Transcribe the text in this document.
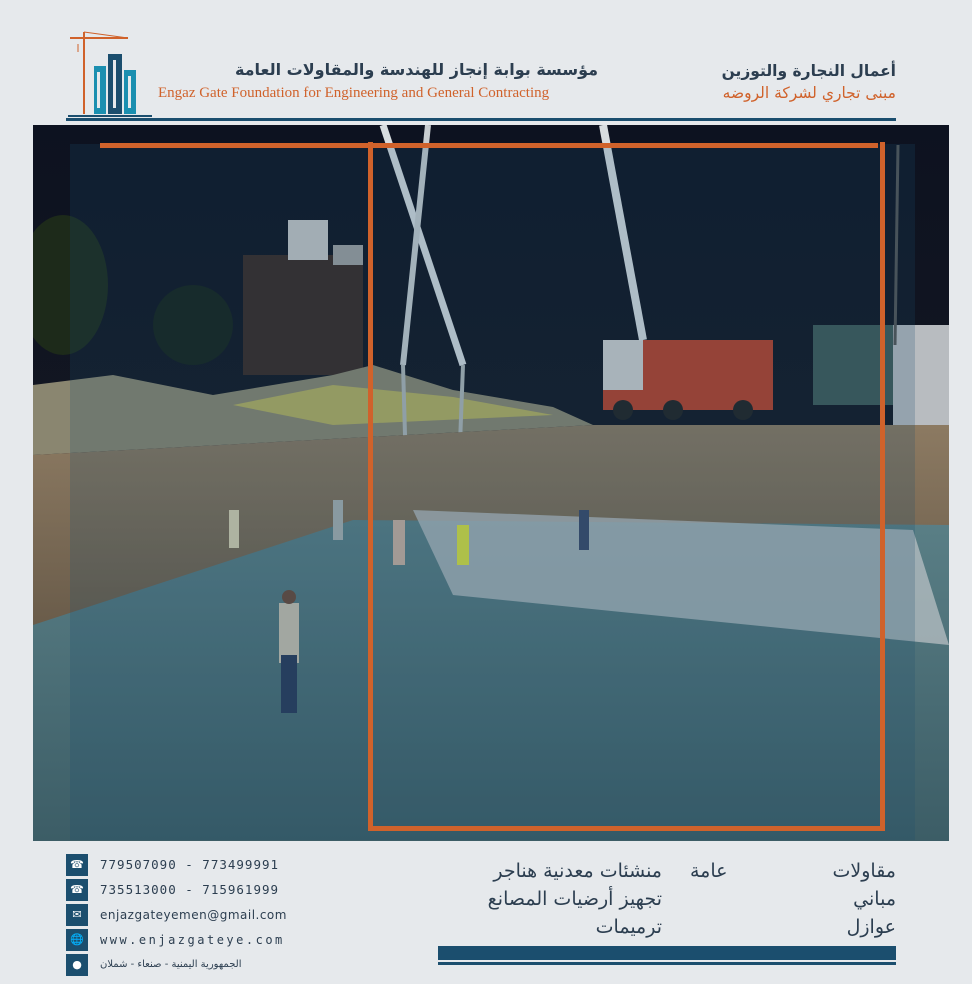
مؤسسة بوابة إنجاز للهندسة والمقاولات العامة
Engaz Gate Foundation for Engineering and General Contracting
أعمال النجارة والتوزين
مبنى تجاري لشركة الروضه
☎	779507090 - 773499991
☎	735513000 - 715961999
✉	enjazgateyemen@gmail.com
🌐	www.enjazgateye.com
●	الجمهورية اليمنية - صنعاء - شملان
منشئات معدنية هناجر
تجهيز أرضيات المصانع
ترميمات
مقاولات عامة
مباني
عوازل
